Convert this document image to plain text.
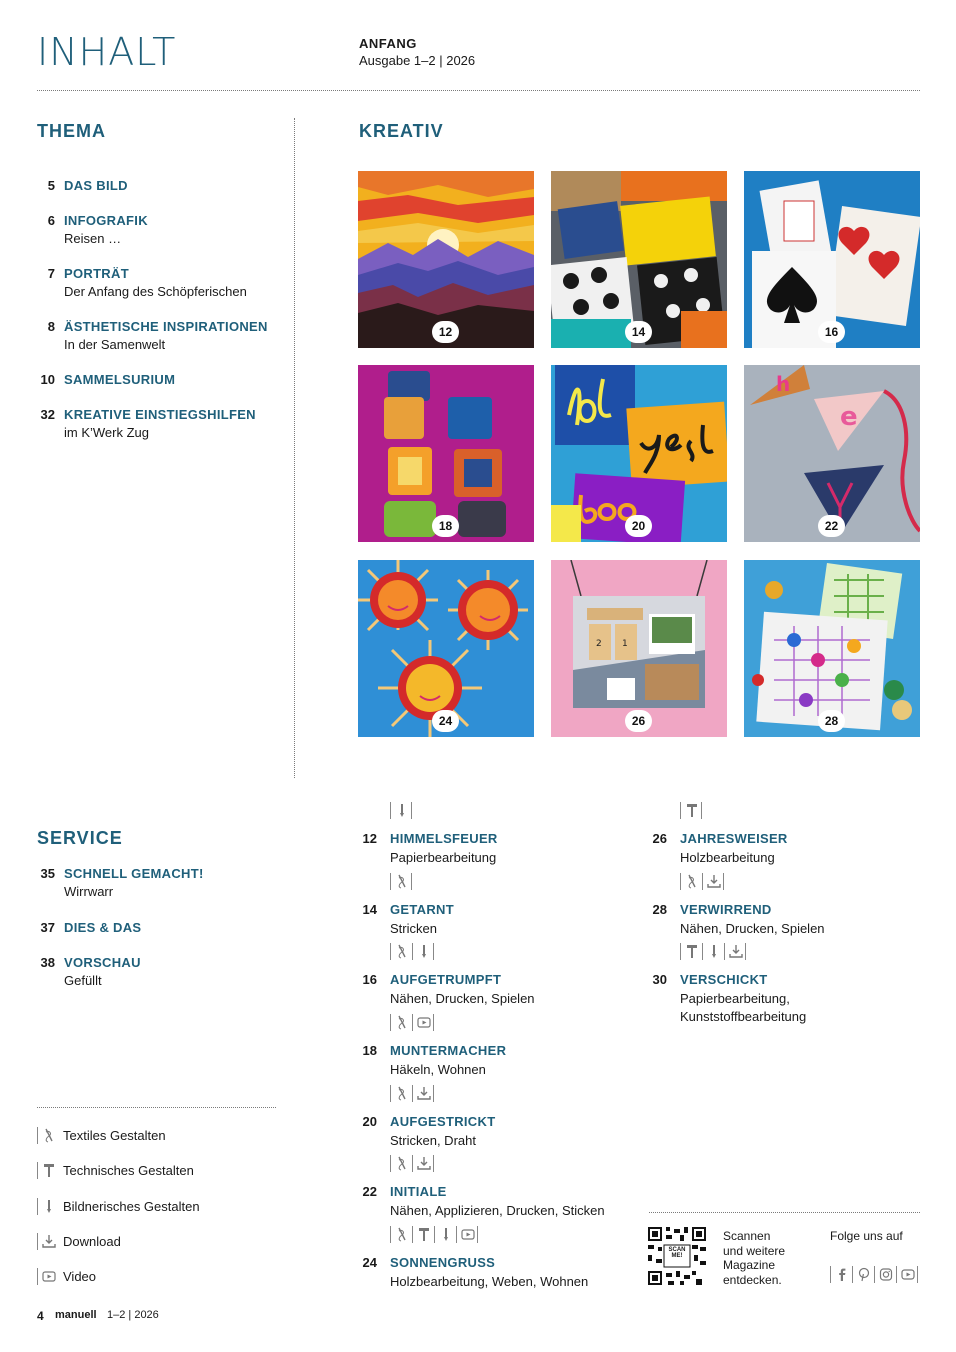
INHALT	ANFANG
Ausgabe 1–2 | 2026
THEMA
5 DAS BILD
6 INFOGRAFIK
Reisen …
7 PORTRÄT
Der Anfang des Schöpferischen
8 ÄSTHETISCHE INSPIRATIONEN
In der Samenwelt
10 SAMMELSURIUM
32 KREATIVE EINSTIEGSHILFEN
im K’Werk Zug
KREATIV
12	14	16
18	20
h
e
22
24
2 1
26	28
SERVICE
35 SCHNELL GEMACHT!
Wirrwarr
37 DIES & DAS
38 VORSCHAU
Gefüllt
12 HIMMELSFEUER
Papierbearbeitung
14 GETARNT
Stricken
16 AUFGETRUMPFT
Nähen, Drucken, Spielen
18 MUNTERMACHER
Häkeln, Wohnen
20 AUFGESTRICKT
Stricken, Draht
22 INITIALE
Nähen, Applizieren, Drucken, Sticken
24 SONNENGRUSS
Holzbearbeitung, Weben, Wohnen
26 JAHRESWEISER
Holzbearbeitung
28 VERWIRREND
Nähen, Drucken, Spielen
30 VERSCHICKT
Papierbearbeitung,
Kunststoffbearbeitung
Textiles Gestalten
Technisches Gestalten
Bildnerisches Gestalten
Download
Video
SCAN ME!
Scannen
und weitere
Magazine
entdecken.
Folge uns auf
4 manuell 1–2 | 2026
